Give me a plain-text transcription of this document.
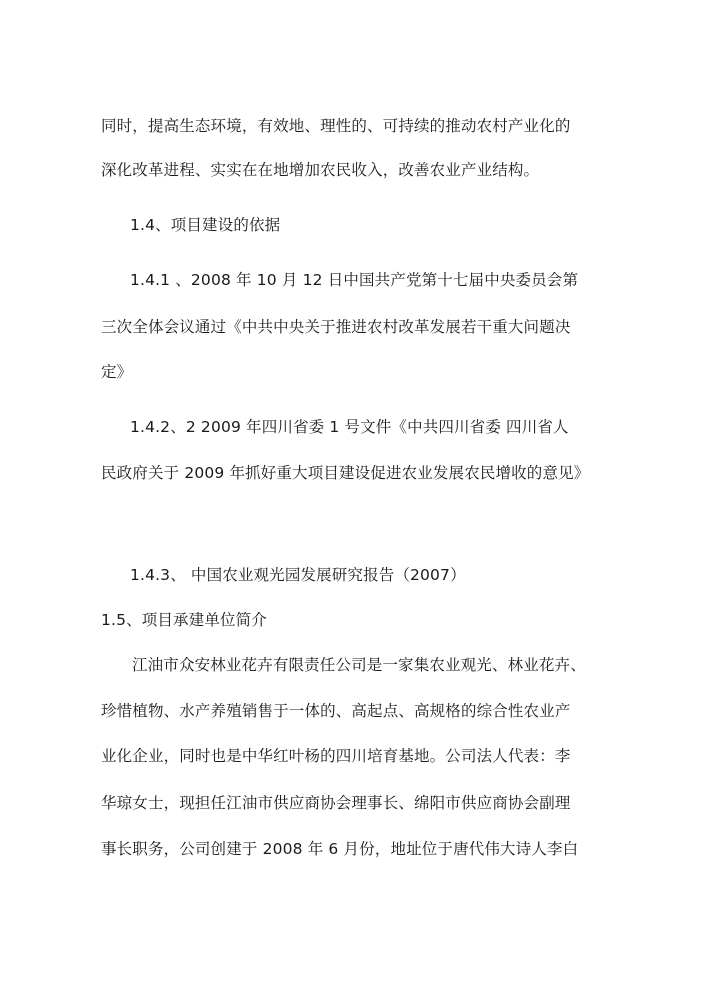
同时，提高生态环境，有效地、理性的、可持续的推动农村产业化的
深化改革进程、实实在在地增加农民收入，改善农业产业结构。
1.4、项目建设的依据
1.4.1 、2008 年 10 月 12 日中国共产党第十七届中央委员会第
三次全体会议通过《中共中央关于推进农村改革发展若干重大问题决
定》
1.4.2、2 2009 年四川省委 1 号文件《中共四川省委 四川省人
民政府关于 2009 年抓好重大项目建设促进农业发展农民增收的意见》
1.4.3、 中国农业观光园发展研究报告（2007）
1.5、项目承建单位简介
江油市众安林业花卉有限责任公司是一家集农业观光、林业花卉、
珍惜植物、水产养殖销售于一体的、高起点、高规格的综合性农业产
业化企业，同时也是中华红叶杨的四川培育基地。公司法人代表：李
华琼女士，现担任江油市供应商协会理事长、绵阳市供应商协会副理
事长职务，公司创建于 2008 年 6 月份，地址位于唐代伟大诗人李白
